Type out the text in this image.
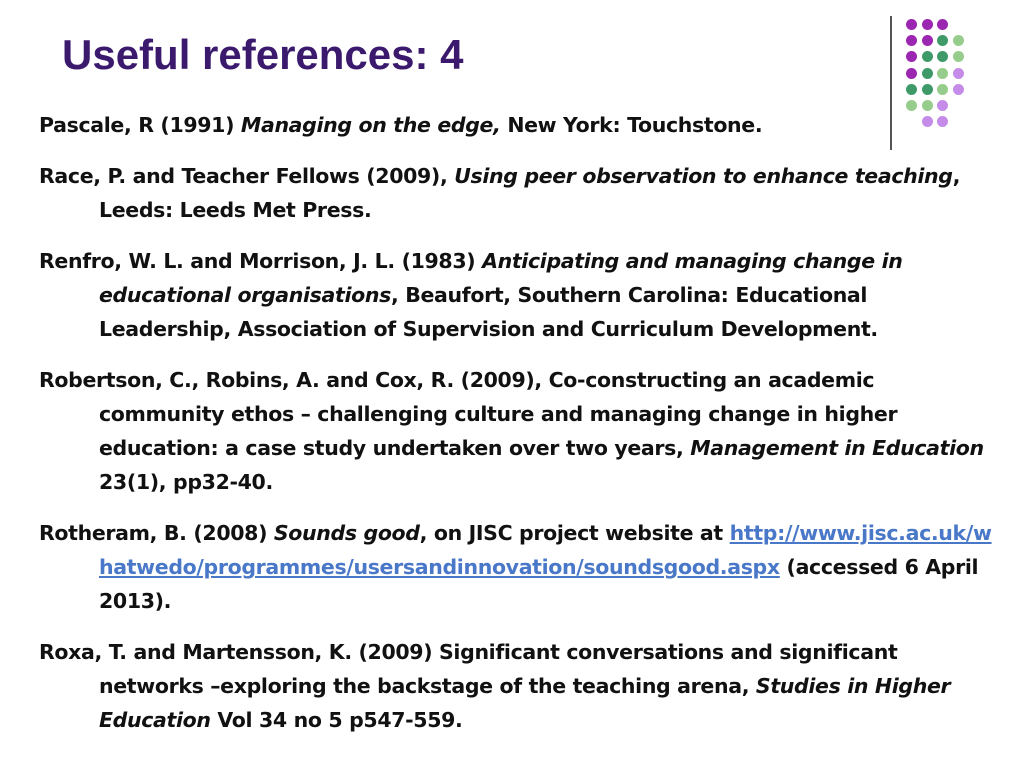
Useful references: 4

Pascale, R (1991) Managing on the edge, New York: Touchstone.

Race, P. and Teacher Fellows (2009), Using peer observation to enhance teaching, Leeds: Leeds Met Press.

Renfro, W. L. and Morrison, J. L. (1983) Anticipating and managing change in educational organisations, Beaufort, Southern Carolina: Educational Leadership, Association of Supervision and Curriculum Development.

Robertson, C., Robins, A. and Cox, R. (2009), Co-constructing an academic community ethos – challenging culture and managing change in higher education: a case study undertaken over two years, Management in Education 23(1), pp32-40.

Rotheram, B. (2008) Sounds good, on JISC project website at http://www.jisc.ac.uk/whatwedo/programmes/usersandinnovation/soundsgood.aspx (accessed 6 April 2013).

Roxa, T. and Martensson, K. (2009) Significant conversations and significant networks –exploring the backstage of the teaching arena, Studies in Higher Education Vol 34 no 5 p547-559.
